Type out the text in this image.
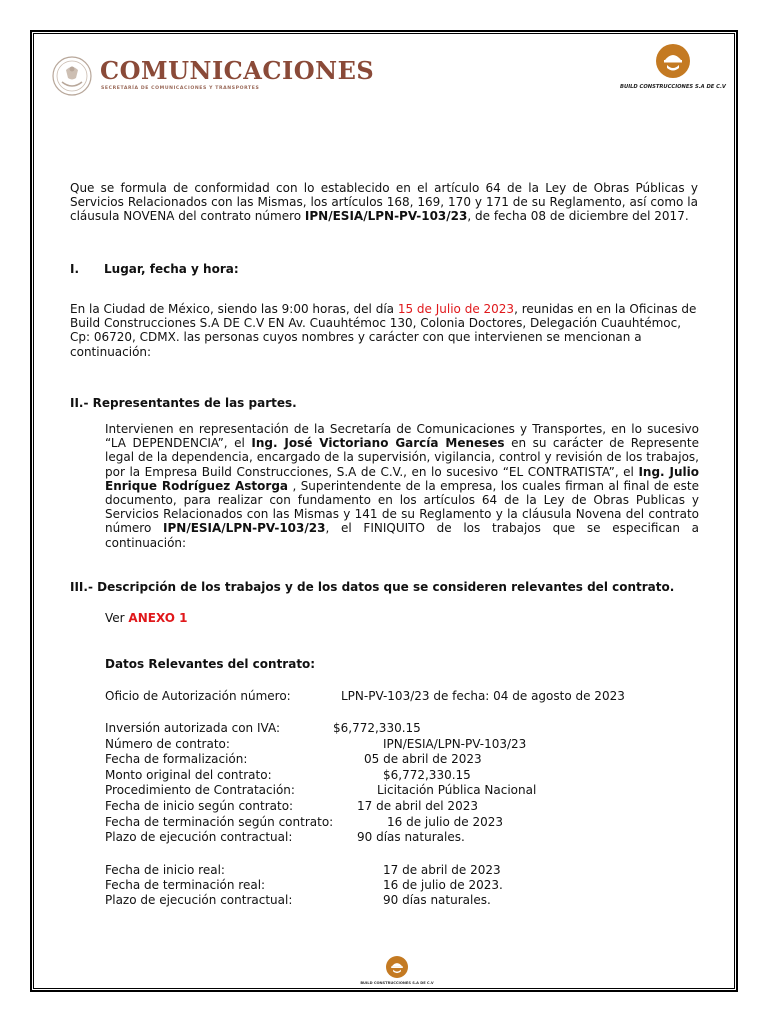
COMUNICACIONES
SECRETARÍA DE COMUNICACIONES Y TRANSPORTES	BUILD CONSTRUCCIONES S.A DE C.V
Que se formula de conformidad con lo establecido en el artículo 64 de la Ley de Obras Públicas y Servicios Relacionados con las Mismas, los artículos 168, 169, 170 y 171 de su Reglamento, así como la cláusula NOVENA del contrato número IPN/ESIA/LPN-PV-103/23, de fecha 08 de diciembre del 2017.
I. Lugar, fecha y hora:
En la Ciudad de México, siendo las 9:00 horas, del día 15 de Julio de 2023, reunidas en en la Oficinas de Build Construcciones S.A DE C.V EN Av. Cuauhtémoc 130, Colonia Doctores, Delegación Cuauhtémoc, Cp: 06720, CDMX. las personas cuyos nombres y carácter con que intervienen se mencionan a continuación:
II.- Representantes de las partes.
Intervienen en representación de la Secretaría de Comunicaciones y Transportes, en lo sucesivo “LA DEPENDENCIA”, el Ing. José Victoriano García Meneses en su carácter de Represente legal de la dependencia, encargado de la supervisión, vigilancia, control y revisión de los trabajos, por la Empresa Build Construcciones, S.A de C.V., en lo sucesivo “EL CONTRATISTA”, el Ing. Julio Enrique Rodríguez Astorga , Superintendente de la empresa, los cuales firman al final de este documento, para realizar con fundamento en los artículos 64 de la Ley de Obras Publicas y Servicios Relacionados con las Mismas y 141 de su Reglamento y la cláusula Novena del contrato número IPN/ESIA/LPN-PV-103/23, el FINIQUITO de los trabajos que se especifican a continuación:
III.- Descripción de los trabajos y de los datos que se consideren relevantes del contrato.
Ver ANEXO 1
Datos Relevantes del contrato:
Oficio de Autorización número:	LPN-PV-103/23 de fecha: 04 de agosto de 2023
Inversión autorizada con IVA:	$6,772,330.15
Número de contrato:	IPN/ESIA/LPN-PV-103/23
Fecha de formalización:	05 de abril de 2023
Monto original del contrato:	$6,772,330.15
Procedimiento de Contratación:	Licitación Pública Nacional
Fecha de inicio según contrato:	17 de abril del 2023
Fecha de terminación según contrato:	16 de julio de 2023
Plazo de ejecución contractual:	90 días naturales.
Fecha de inicio real:	17 de abril de 2023
Fecha de terminación real:	16 de julio de 2023.
Plazo de ejecución contractual:	90 días naturales.
BUILD CONSTRUCCIONES S.A DE C.V
